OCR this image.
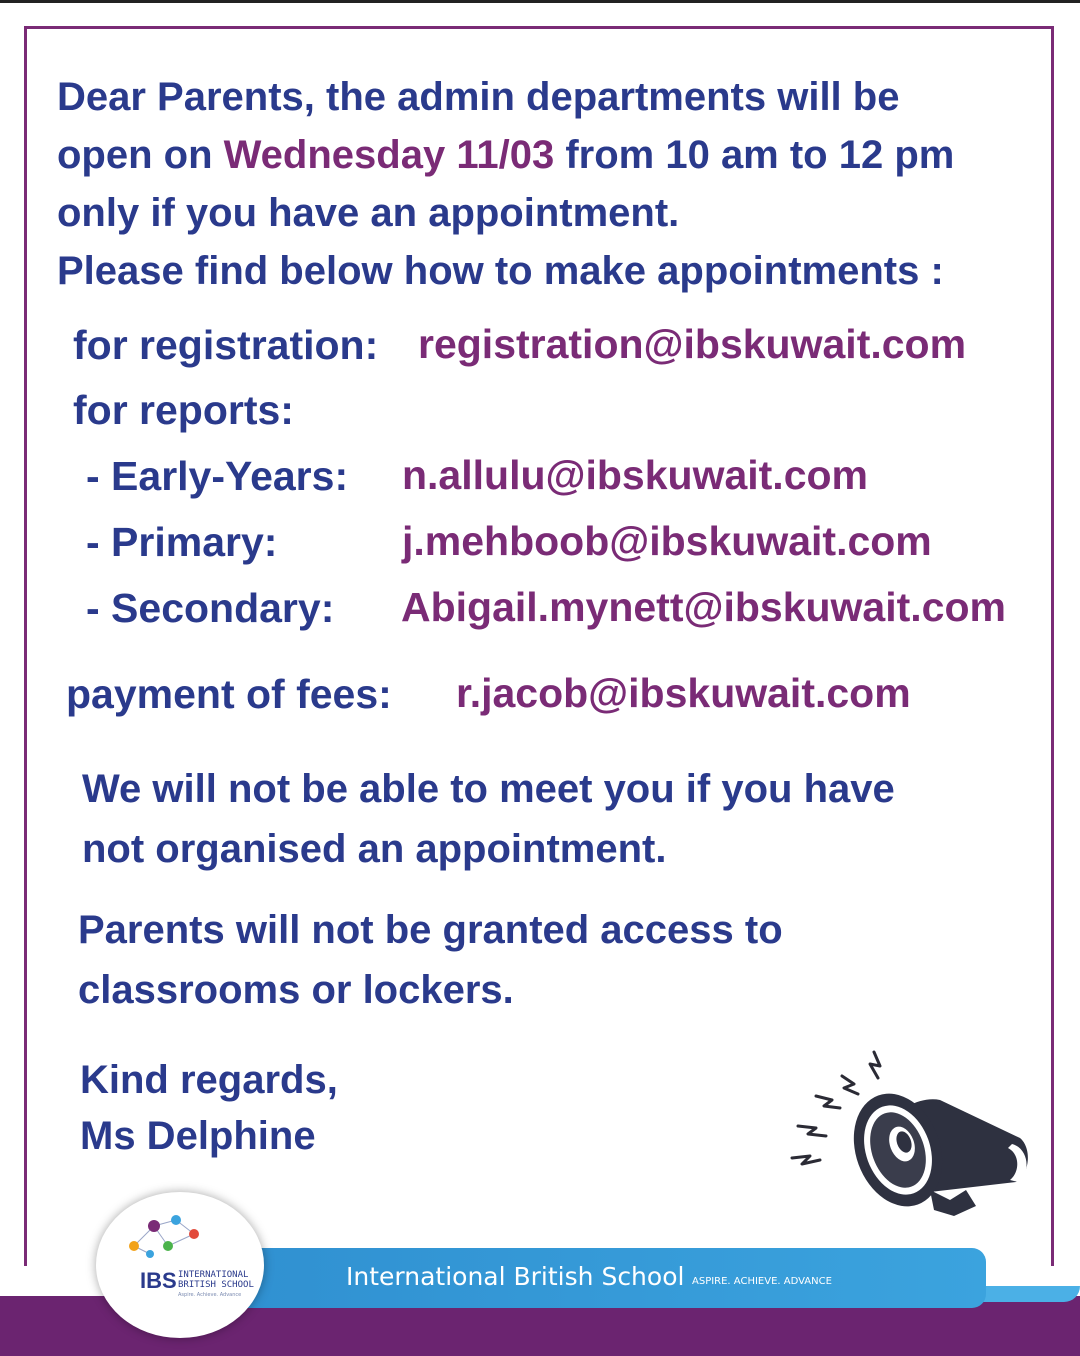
Dear Parents, the admin departments will be
open on Wednesday 11/03 from 10 am to 12 pm
only if you have an appointment.
Please find below how to make appointments :
for registration: registration@ibskuwait.com
for reports:
- Early-Years: n.allulu@ibskuwait.com
- Primary:	j.mehboob@ibskuwait.com
- Secondary: Abigail.mynett@ibskuwait.com
payment of fees: r.jacob@ibskuwait.com
We will not be able to meet you if you have
not organised an appointment.
Parents will not be granted access to
classrooms or lockers.
Kind regards,
Ms Delphine
International British School ASPIRE. ACHIEVE. ADVANCE
IBS INTERNATIONAL
BRITISH SCHOOL
Aspire. Achieve. Advance
